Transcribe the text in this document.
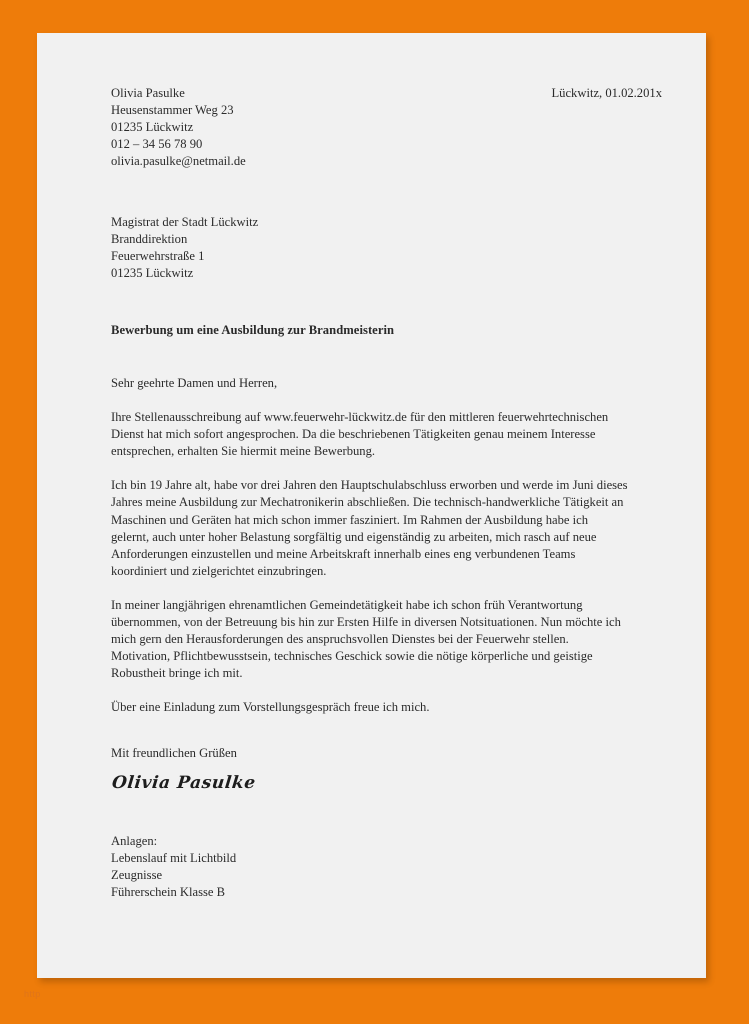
http
Olivia Pasulke
Heusenstammer Weg 23
01235 Lückwitz
012 – 34 56 78 90
olivia.pasulke@netmail.de
Lückwitz, 01.02.201x
Magistrat der Stadt Lückwitz
Branddirektion
Feuerwehrstraße 1
01235 Lückwitz
Bewerbung um eine Ausbildung zur Brandmeisterin

Sehr geehrte Damen und Herren,

Ihre Stellenausschreibung auf www.feuerwehr-lückwitz.de für den mittleren feuerwehrtechnischen Dienst hat mich sofort angesprochen. Da die beschriebenen Tätigkeiten genau meinem Interesse entsprechen, erhalten Sie hiermit meine Bewerbung.

Ich bin 19 Jahre alt, habe vor drei Jahren den Hauptschulabschluss erworben und werde im Juni dieses Jahres meine Ausbildung zur Mechatronikerin abschließen. Die technisch-handwerkliche Tätigkeit an Maschinen und Geräten hat mich schon immer fasziniert. Im Rahmen der Ausbildung habe ich gelernt, auch unter hoher Belastung sorgfältig und eigenständig zu arbeiten, mich rasch auf neue Anforderungen einzustellen und meine Arbeitskraft innerhalb eines eng verbundenen Teams koordiniert und zielgerichtet einzubringen.

In meiner langjährigen ehrenamtlichen Gemeindetätigkeit habe ich schon früh Verantwortung übernommen, von der Betreuung bis hin zur Ersten Hilfe in diversen Notsituationen. Nun möchte ich mich gern den Herausforderungen des anspruchsvollen Dienstes bei der Feuerwehr stellen. Motivation, Pflichtbewusstsein, technisches Geschick sowie die nötige körperliche und geistige Robustheit bringe ich mit.

Über eine Einladung zum Vorstellungsgespräch freue ich mich.

Mit freundlichen Grüßen
Olivia Pasulke
Anlagen:
Lebenslauf mit Lichtbild
Zeugnisse
Führerschein Klasse B
